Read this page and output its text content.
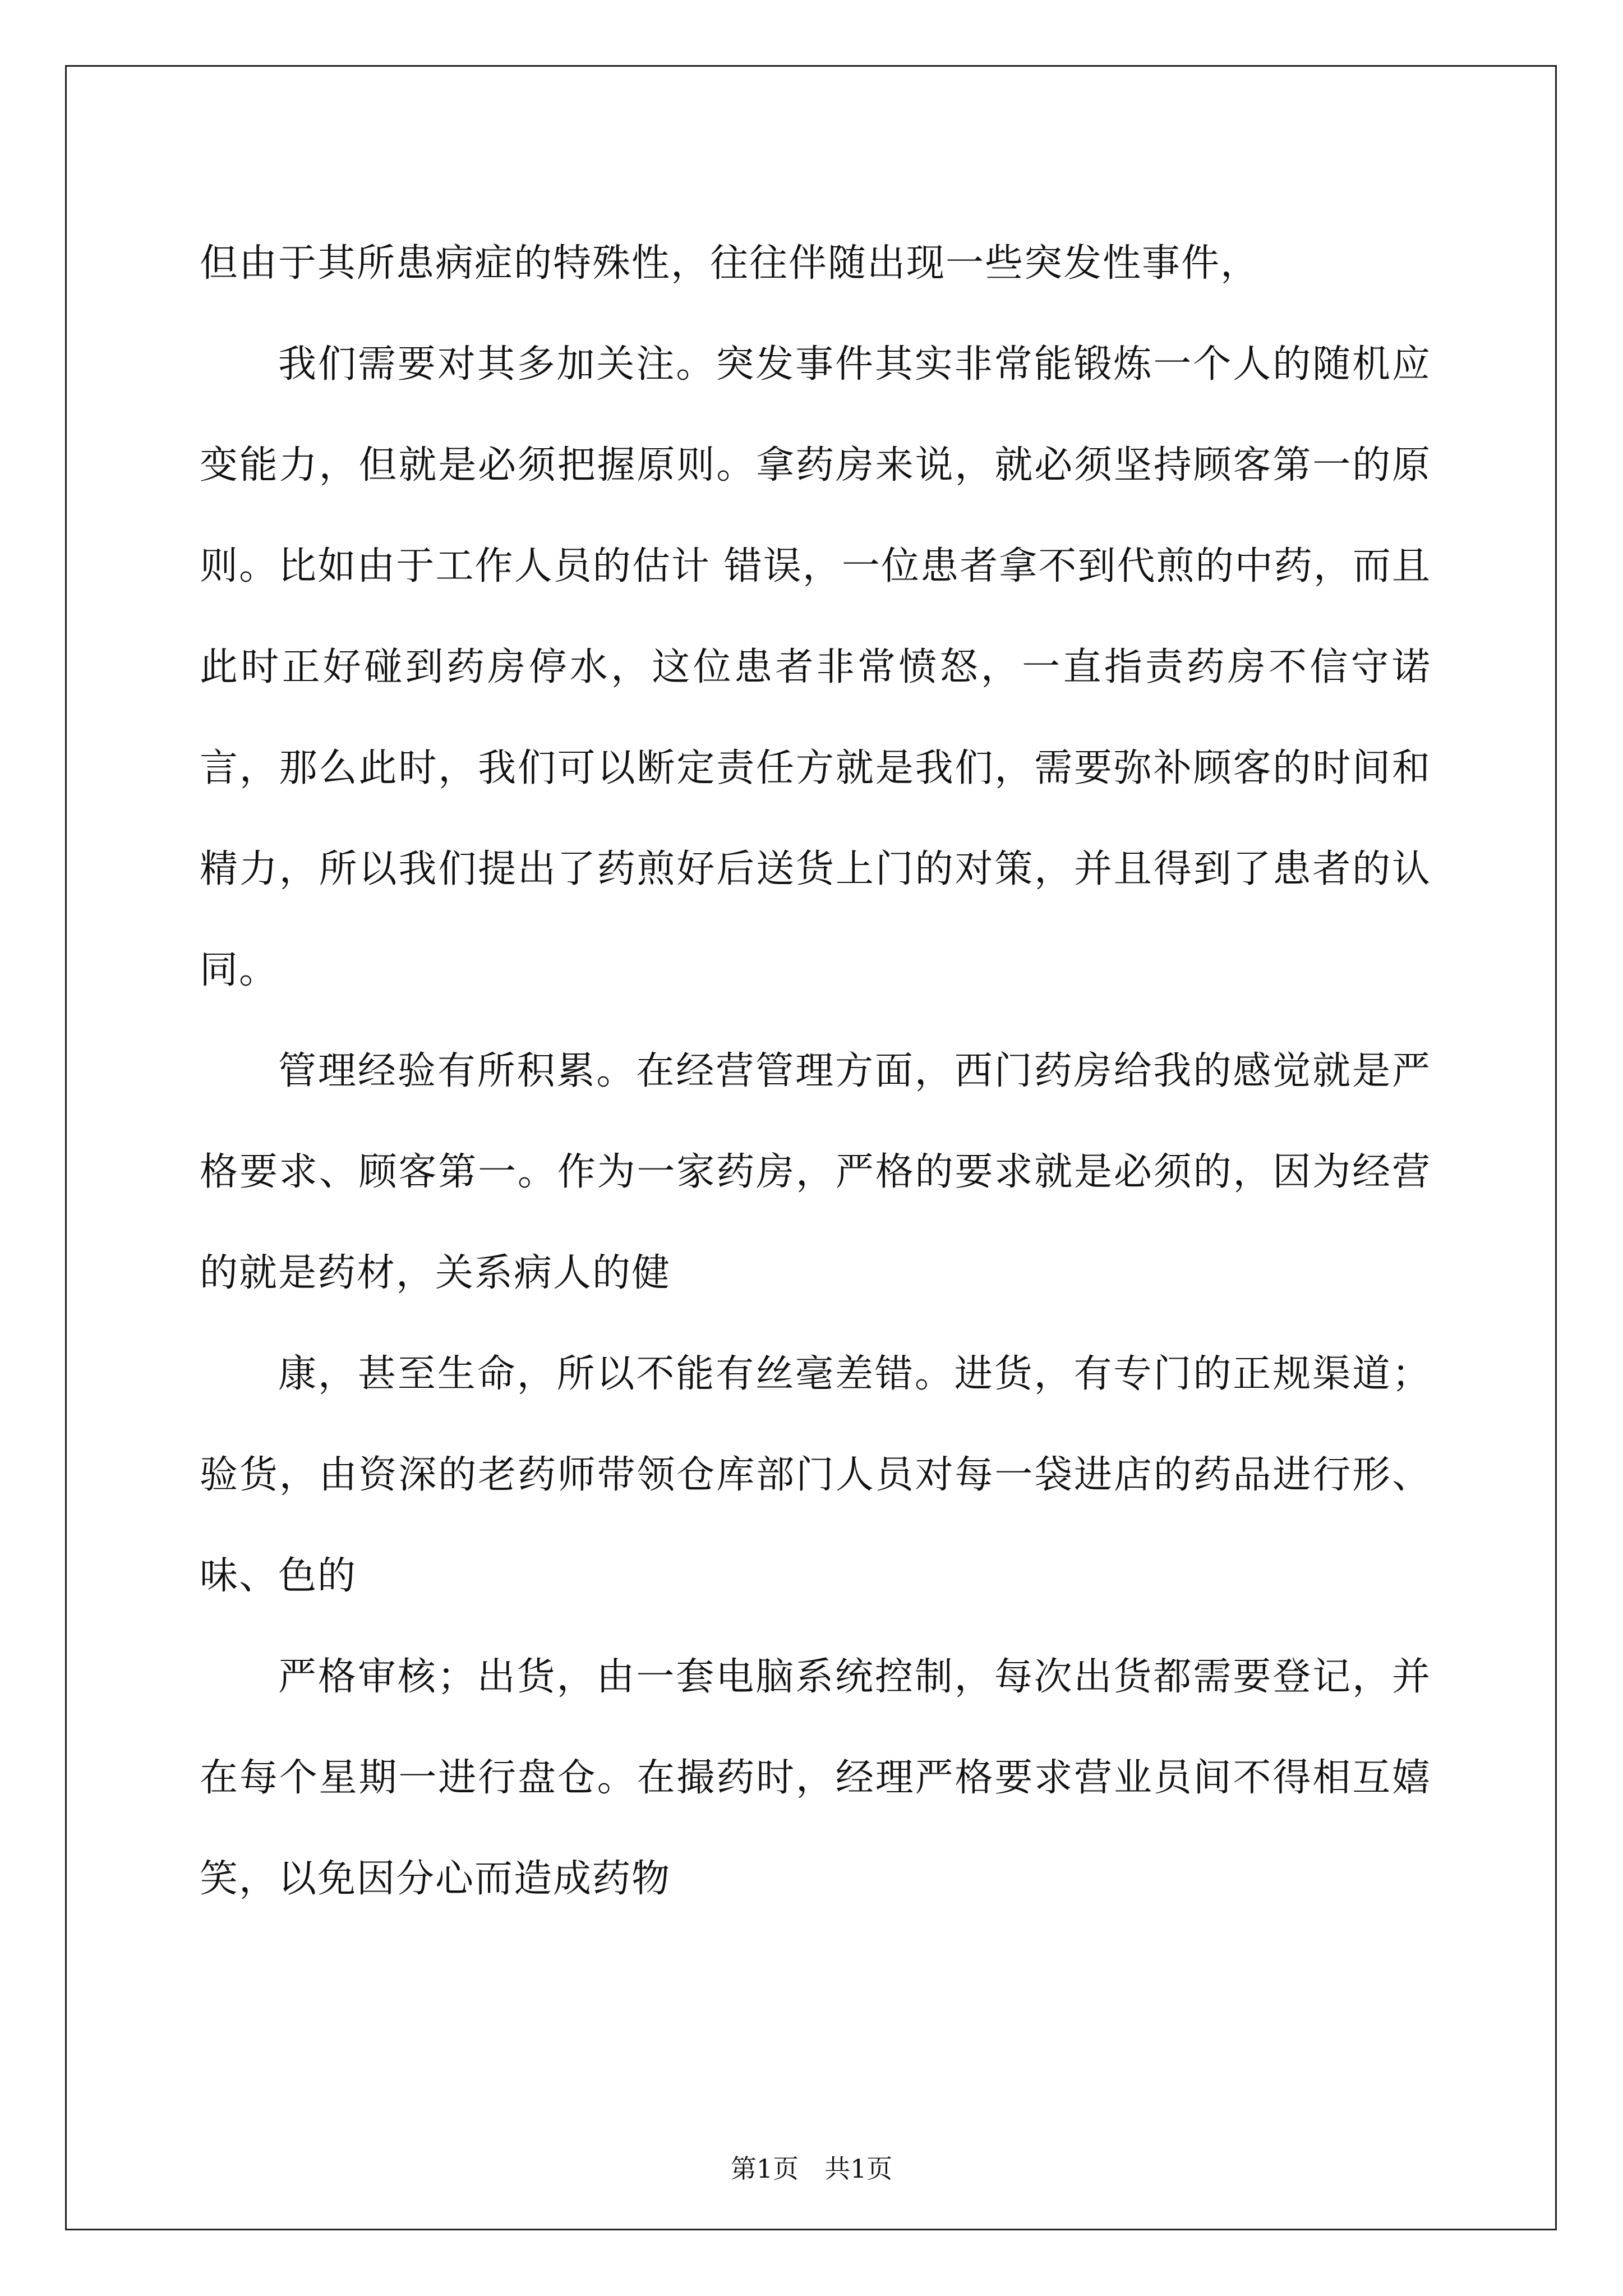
但由于其所患病症的特殊性，往往伴随出现一些突发性事件，

我们需要对其多加关注。突发事件其实非常能锻炼一个人的随机应变能力，但就是必须把握原则。拿药房来说，就必须坚持顾客第一的原则。比如由于工作人员的估计 错误，一位患者拿不到代煎的中药，而且此时正好碰到药房停水，这位患者非常愤怒，一直指责药房不信守诺言，那么此时，我们可以断定责任方就是我们，需要弥补顾客的时间和精力，所以我们提出了药煎好后送货上门的对策，并且得到了患者的认同。

管理经验有所积累。在经营管理方面，西门药房给我的感觉就是严格要求、顾客第一。作为一家药房，严格的要求就是必须的，因为经营的就是药材，关系病人的健

康，甚至生命，所以不能有丝毫差错。进货，有专门的正规渠道；验货，由资深的老药师带领仓库部门人员对每一袋进店的药品进行形、味、色的

严格审核；出货，由一套电脑系统控制，每次出货都需要登记，并在每个星期一进行盘仓。在撮药时，经理严格要求营业员间不得相互嬉笑，以免因分心而造成药物

第1页　共1页
